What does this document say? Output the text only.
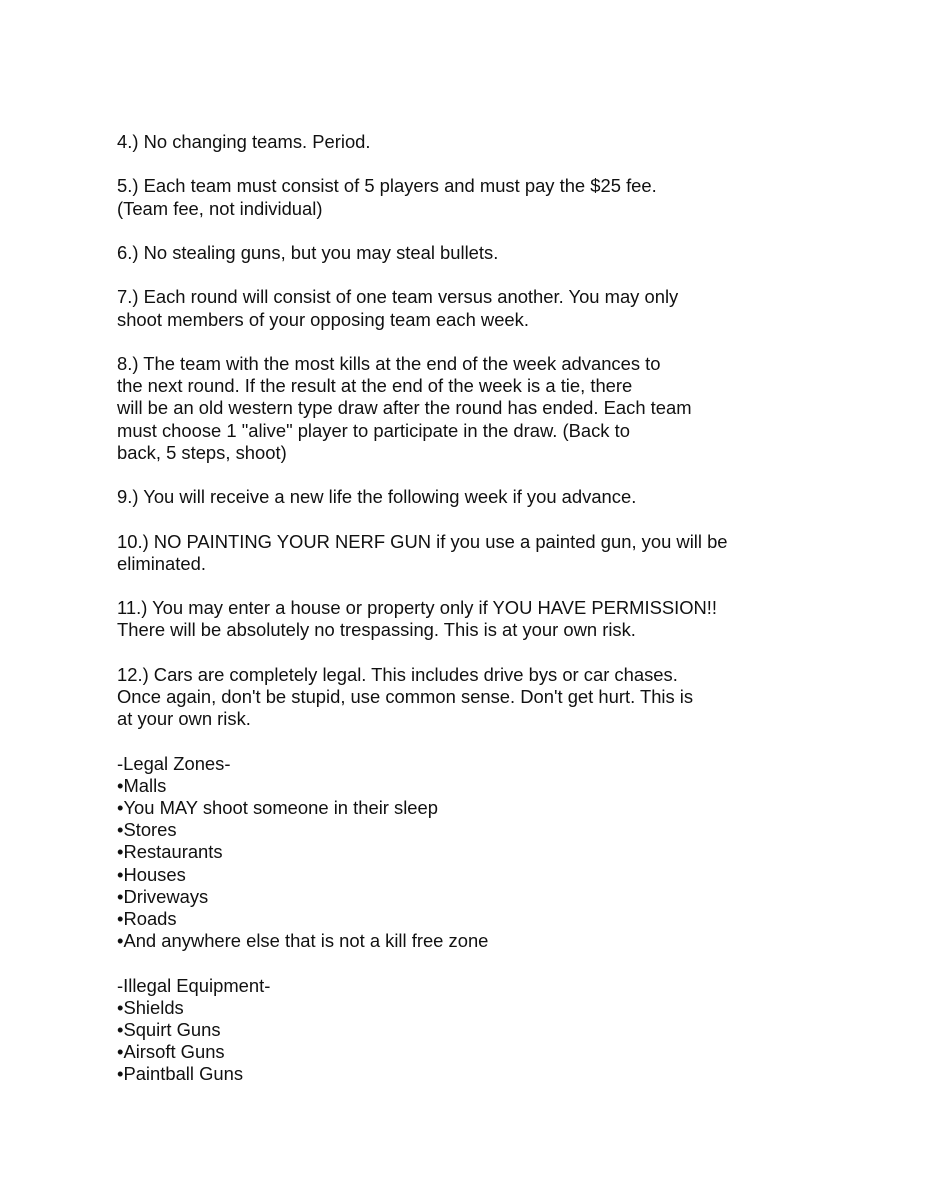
4.) No changing teams. Period.
5.) Each team must consist of 5 players and must pay the $25 fee.
(Team fee, not individual)
6.) No stealing guns, but you may steal bullets.
7.) Each round will consist of one team versus another. You may only
shoot members of your opposing team each week.
8.) The team with the most kills at the end of the week advances to
the next round. If the result at the end of the week is a tie, there
will be an old western type draw after the round has ended. Each team
must choose 1 "alive" player to participate in the draw. (Back to
back, 5 steps, shoot)
9.) You will receive a new life the following week if you advance.
10.) NO PAINTING YOUR NERF GUN if you use a painted gun, you will be
eliminated.
11.) You may enter a house or property only if YOU HAVE PERMISSION!!
There will be absolutely no trespassing. This is at your own risk.
12.) Cars are completely legal. This includes drive bys or car chases.
Once again, don't be stupid, use common sense. Don't get hurt. This is
at your own risk.
-Legal Zones-
•Malls
•You MAY shoot someone in their sleep
•Stores
•Restaurants
•Houses
•Driveways
•Roads
•And anywhere else that is not a kill free zone
-Illegal Equipment-
•Shields
•Squirt Guns
•Airsoft Guns
•Paintball Guns
